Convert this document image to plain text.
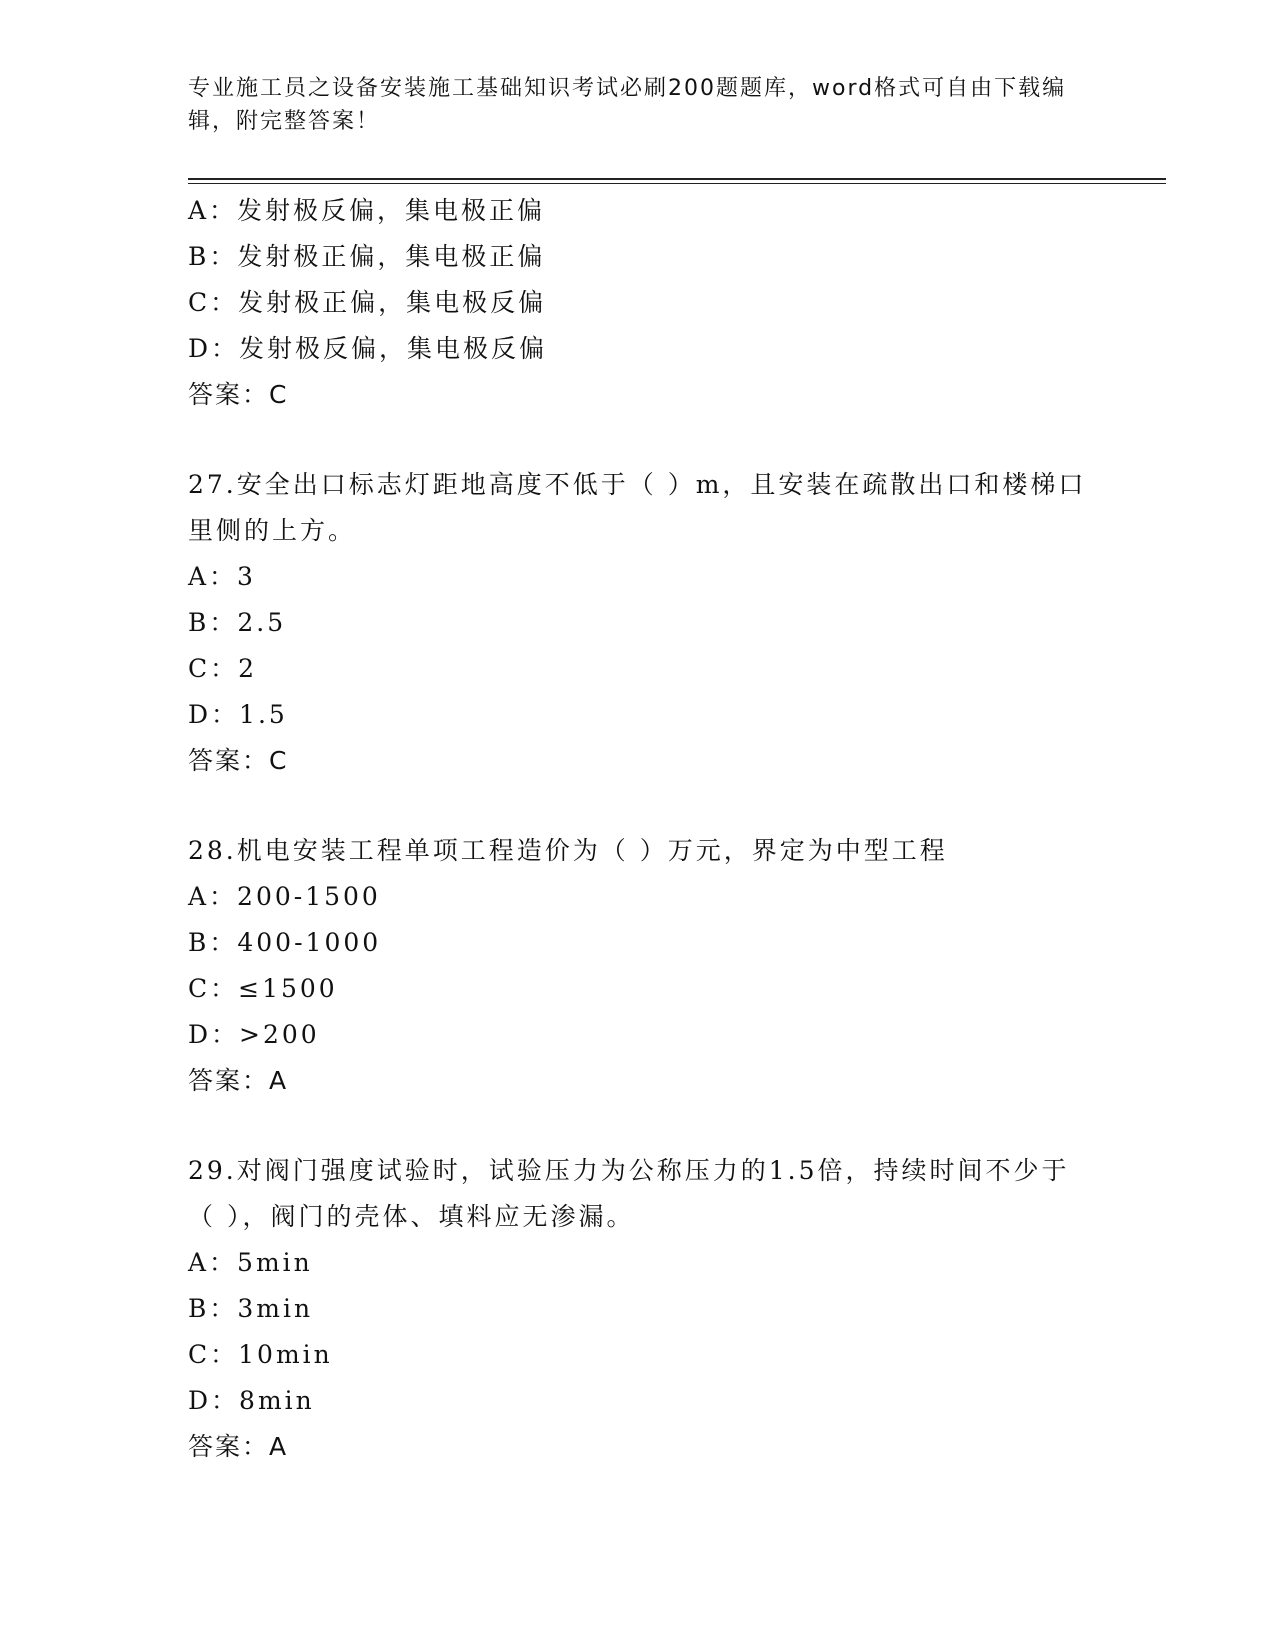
专业施工员之设备安装施工基础知识考试必刷200题题库，word格式可自由下载编辑，附完整答案！
A：发射极反偏，集电极正偏
B：发射极正偏，集电极正偏
C：发射极正偏，集电极反偏
D：发射极反偏，集电极反偏
答案：C
27.安全出口标志灯距地高度不低于（ ）m，且安装在疏散出口和楼梯口里侧的上方。
A：3
B：2.5
C：2
D：1.5
答案：C
28.机电安装工程单项工程造价为（ ）万元，界定为中型工程
A：200-1500
B：400-1000
C：≤1500
D：>200
答案：A
29.对阀门强度试验时，试验压力为公称压力的1.5倍，持续时间不少于（ ），阀门的壳体、填料应无渗漏。
A：5min
B：3min
C：10min
D：8min
答案：A
